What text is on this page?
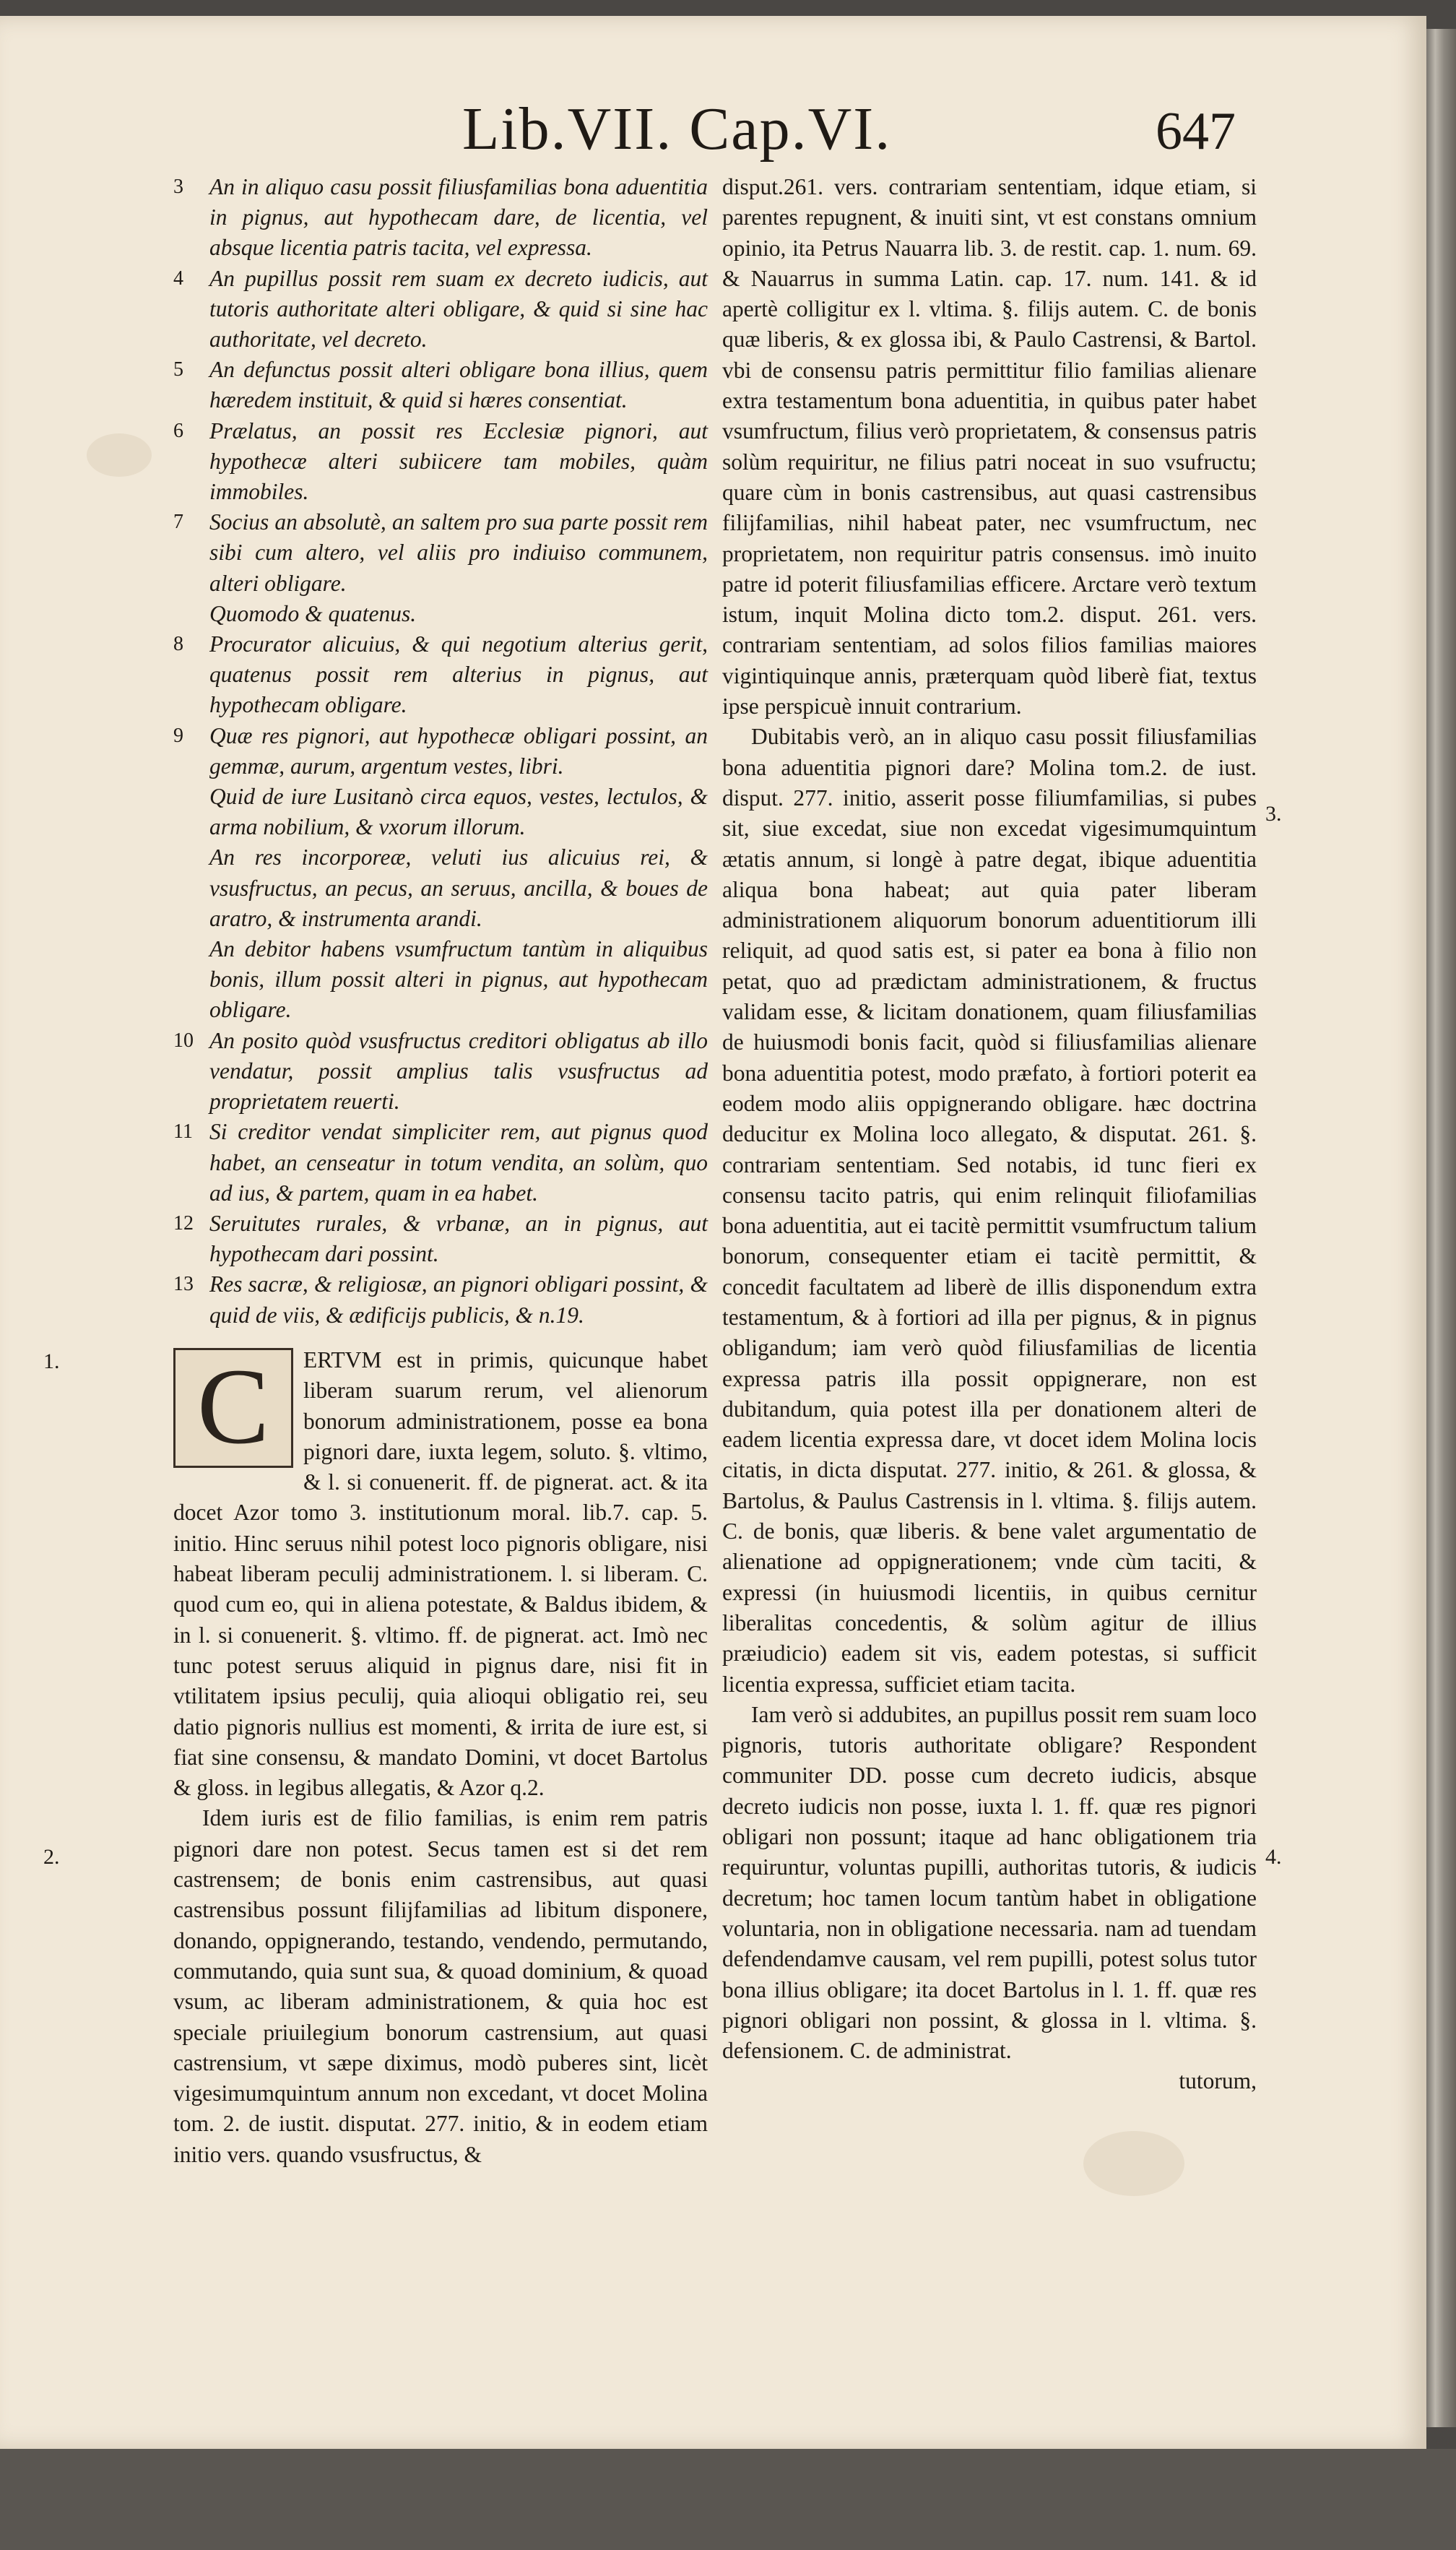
Lib.VII. Cap.VI.	647
3 An in aliquo casu possit filiusfamilias bona aduentitia in pignus, aut hypothecam dare, de licentia, vel absque licentia patris tacita, vel expressa.
4 An pupillus possit rem suam ex decreto iudicis, aut tutoris authoritate alteri obligare, & quid si sine hac authoritate, vel decreto.
5 An defunctus possit alteri obligare bona illius, quem hæredem instituit, & quid si hæres consentiat.
6 Prælatus, an possit res Ecclesiæ pignori, aut hypothecæ alteri subiicere tam mobiles, quàm immobiles.
7 Socius an absolutè, an saltem pro sua parte possit rem sibi cum altero, vel aliis pro indiuiso communem, alteri obligare.
Quomodo & quatenus.
8 Procurator alicuius, & qui negotium alterius gerit, quatenus possit rem alterius in pignus, aut hypothecam obligare.
9 Quæ res pignori, aut hypothecæ obligari possint, an gemmæ, aurum, argentum vestes, libri.
Quid de iure Lusitanò circa equos, vestes, lectulos, & arma nobilium, & vxorum illorum.
An res incorporeæ, veluti ius alicuius rei, & vsusfructus, an pecus, an seruus, ancilla, & boues de aratro, & instrumenta arandi.
An debitor habens vsumfructum tantùm in aliquibus bonis, illum possit alteri in pignus, aut hypothecam obligare.
10 An posito quòd vsusfructus creditori obligatus ab illo vendatur, possit amplius talis vsusfructus ad proprietatem reuerti.
11 Si creditor vendat simpliciter rem, aut pignus quod habet, an censeatur in totum vendita, an solùm, quo ad ius, & partem, quam in ea habet.
12 Seruitutes rurales, & vrbanæ, an in pignus, aut hypothecam dari possint.
13 Res sacræ, & religiosæ, an pignori obligari possint, & quid de viis, & ædificijs publicis, & n.19.
1.
2.

C	ERTVM est in primis, quicunque habet liberam suarum rerum, vel alienorum bonorum administrationem, posse ea bona pignori dare, iuxta legem, soluto. §. vltimo, & l. si conuenerit. ff. de pignerat. act. & ita docet Azor tomo 3. institutionum moral. lib.7. cap. 5. initio. Hinc seruus nihil potest loco pignoris obligare, nisi habeat liberam peculij administrationem. l. si liberam. C. quod cum eo, qui in aliena potestate, & Baldus ibidem, & in l. si conuenerit. §. vltimo. ff. de pignerat. act. Imò nec tunc potest seruus aliquid in pignus dare, nisi fit in vtilitatem ipsius peculij, quia alioqui obligatio rei, seu datio pignoris nullius est momenti, & irrita de iure est, si fiat sine consensu, & mandato Domini, vt docet Bartolus & gloss. in legibus allegatis, & Azor q.2.

Idem iuris est de filio familias, is enim rem patris pignori dare non potest. Secus tamen est si det rem castrensem; de bonis enim castrensibus, aut quasi castrensibus possunt filijfamilias ad libitum disponere, donando, oppignerando, testando, vendendo, permutando, commutando, quia sunt sua, & quoad dominium, & quoad vsum, ac liberam administrationem, & quia hoc est speciale priuilegium bonorum castrensium, aut quasi castrensium, vt sæpe diximus, modò puberes sint, licèt vigesimumquintum annum non excedant, vt docet Molina tom. 2. de iustit. disputat. 277. initio, & in eodem etiam initio vers. quando vsusfructus, &

3.
4.

disput.261. vers. contrariam sententiam, idque etiam, si parentes repugnent, & inuiti sint, vt est constans omnium opinio, ita Petrus Nauarra lib. 3. de restit. cap. 1. num. 69. & Nauarrus in summa Latin. cap. 17. num. 141. & id apertè colligitur ex l. vltima. §. filijs autem. C. de bonis quæ liberis, & ex glossa ibi, & Paulo Castrensi, & Bartol. vbi de consensu patris permittitur filio familias alienare extra testamentum bona aduentitia, in quibus pater habet vsumfructum, filius verò proprietatem, & consensus patris solùm requiritur, ne filius patri noceat in suo vsufructu; quare cùm in bonis castrensibus, aut quasi castrensibus filijfamilias, nihil habeat pater, nec vsumfructum, nec proprietatem, non requiritur patris consensus. imò inuito patre id poterit filiusfamilias efficere. Arctare verò textum istum, inquit Molina dicto tom.2. disput. 261. vers. contrariam sententiam, ad solos filios familias maiores vigintiquinque annis, præterquam quòd liberè fiat, textus ipse perspicuè innuit contrarium.

Dubitabis verò, an in aliquo casu possit filiusfamilias bona aduentitia pignori dare? Molina tom.2. de iust. disput. 277. initio, asserit posse filiumfamilias, si pubes sit, siue excedat, siue non excedat vigesimumquintum ætatis annum, si longè à patre degat, ibique aduentitia aliqua bona habeat; aut quia pater liberam administrationem aliquorum bonorum aduentitiorum illi reliquit, ad quod satis est, si pater ea bona à filio non petat, quo ad prædictam administrationem, & fructus validam esse, & licitam donationem, quam filiusfamilias de huiusmodi bonis facit, quòd si filiusfamilias alienare bona aduentitia potest, modo præfato, à fortiori poterit ea eodem modo aliis oppignerando obligare. hæc doctrina deducitur ex Molina loco allegato, & disputat. 261. §. contrariam sententiam. Sed notabis, id tunc fieri ex consensu tacito patris, qui enim relinquit filiofamilias bona aduentitia, aut ei tacitè permittit vsumfructum talium bonorum, consequenter etiam ei tacitè permittit, & concedit facultatem ad liberè de illis disponendum extra testamentum, & à fortiori ad illa per pignus, & in pignus obligandum; iam verò quòd filiusfamilias de licentia expressa patris illa possit oppignerare, non est dubitandum, quia potest illa per donationem alteri de eadem licentia expressa dare, vt docet idem Molina locis citatis, in dicta disputat. 277. initio, & 261. & glossa, & Bartolus, & Paulus Castrensis in l. vltima. §. filijs autem. C. de bonis, quæ liberis. & bene valet argumentatio de alienatione ad oppignerationem; vnde cùm taciti, & expressi (in huiusmodi licentiis, in quibus cernitur liberalitas concedentis, & solùm agitur de illius præiudicio) eadem sit vis, eadem potestas, si sufficit licentia expressa, sufficiet etiam tacita.

Iam verò si addubites, an pupillus possit rem suam loco pignoris, tutoris authoritate obligare? Respondent communiter DD. posse cum decreto iudicis, absque decreto iudicis non posse, iuxta l. 1. ff. quæ res pignori obligari non possunt; itaque ad hanc obligationem tria requiruntur, voluntas pupilli, authoritas tutoris, & iudicis decretum; hoc tamen locum tantùm habet in obligatione voluntaria, non in obligatione necessaria. nam ad tuendam defendendamve causam, vel rem pupilli, potest solus tutor bona illius obligare; ita docet Bartolus in l. 1. ff. quæ res pignori obligari non possint, & glossa in l. vltima. §. defensionem. C. de administrat.

tutorum,
